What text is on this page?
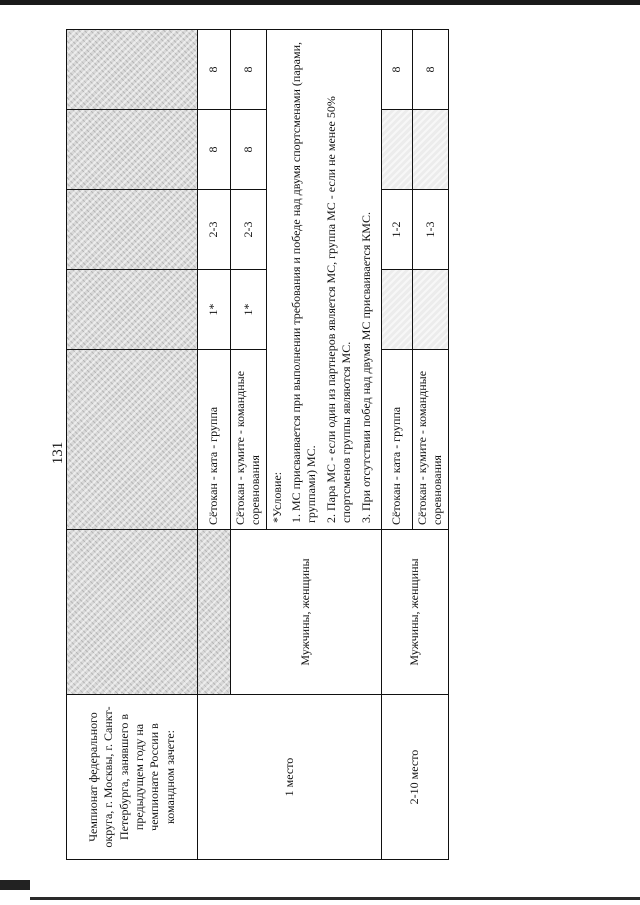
131
Чемпионат федерального округа, г. Москвы, г. Санкт-Петербурга, занявшего в предыдущем году на чемпионате России в командном зачете:						
1 место		Сётокан - ката - группа	1*	2-3	8	8
	Мужчины, женщины	Сётокан - кумите - командные соревнования	1*	2-3	8	8

		*Условие: 1. МС присваивается при выполнении требования и победе над двумя спортсменами (парами, группами) МС. 2. Пара МС - если один из партнеров является МС, группа МС - если не менее 50% спортсменов группы являются МС. 3. При отсутствии побед над двумя МС присваивается КМС.				

2-10 место	Мужчины, женщины	Сётокан - ката - группа		1-2		8
		Сётокан - кумите - командные соревнования		1-3		8
